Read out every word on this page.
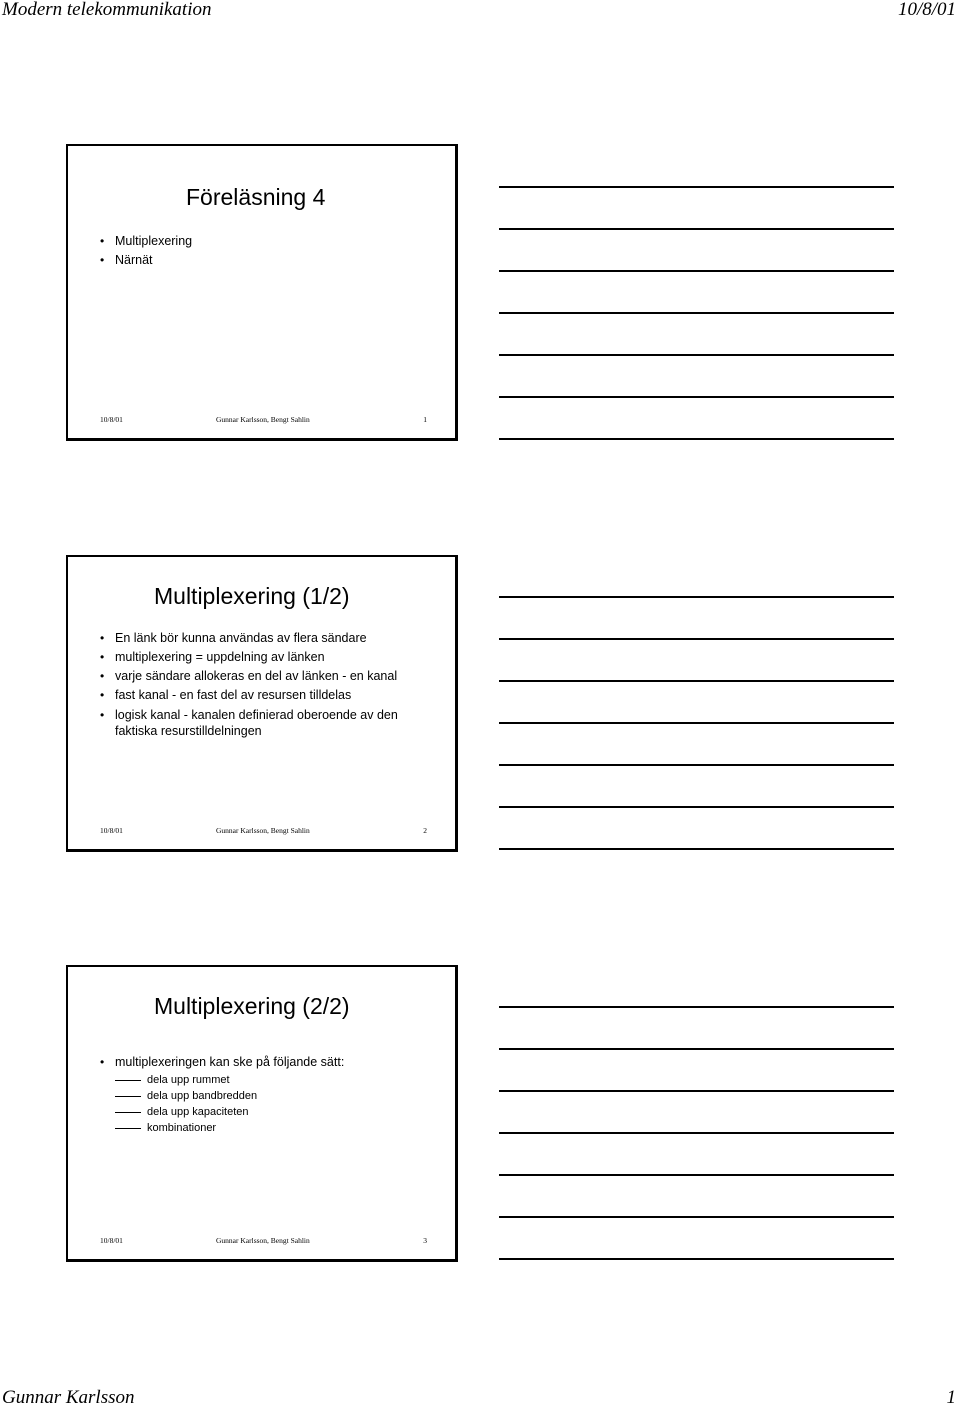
Modern telekommunikation	10/8/01
Föreläsning 4
• Multiplexering
• Närnät
10/8/01	Gunnar Karlsson, Bengt Sahlin	1
Multiplexering (1/2)
• En länk bör kunna användas av flera sändare
• multiplexering = uppdelning av länken
• varje sändare allokeras en del av länken - en kanal
• fast kanal - en fast del av resursen tilldelas
• logisk kanal - kanalen definierad oberoende av den faktiska resurstilldelningen
10/8/01	Gunnar Karlsson, Bengt Sahlin	2
Multiplexering (2/2)
• multiplexeringen kan ske på följande sätt:
dela upp rummet
dela upp bandbredden
dela upp kapaciteten
kombinationer
10/8/01	Gunnar Karlsson, Bengt Sahlin	3
Gunnar Karlsson	1
